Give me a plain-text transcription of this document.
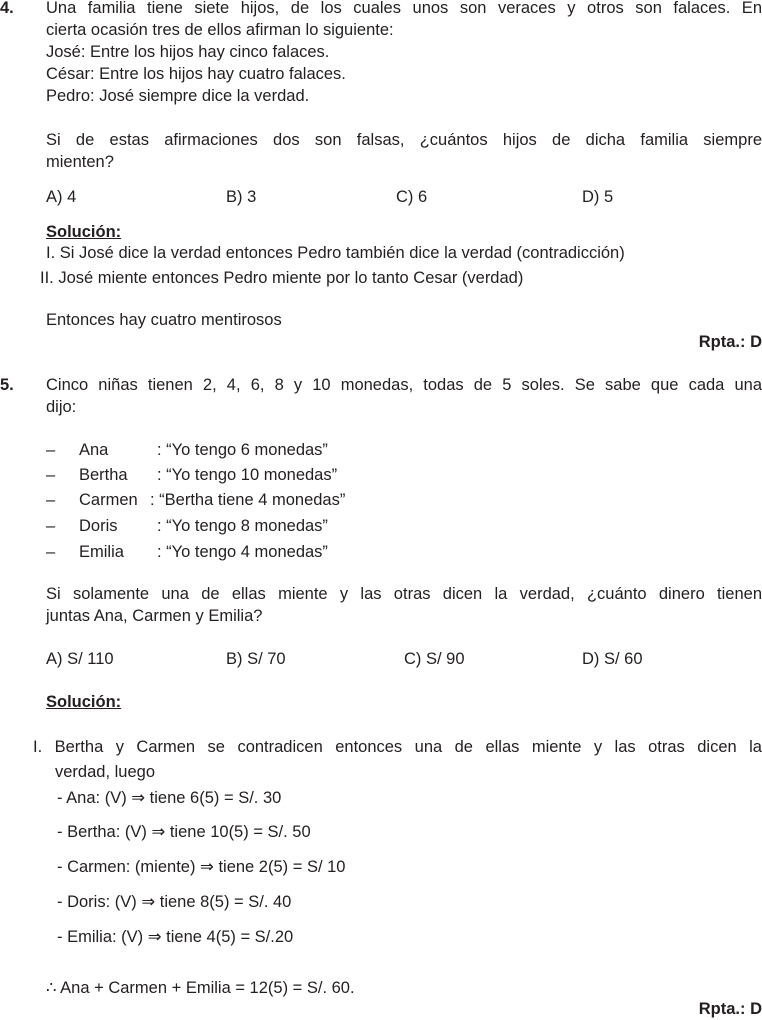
4. Una familia tiene siete hijos, de los cuales unos son veraces y otros son falaces. En
cierta ocasión tres de ellos afirman lo siguiente:
José: Entre los hijos hay cinco falaces.
César: Entre los hijos hay cuatro falaces.
Pedro: José siempre dice la verdad.
Si de estas afirmaciones dos son falsas, ¿cuántos hijos de dicha familia siempre
mienten?
A) 4	B) 3	C) 6	D) 5
Solución:
I. Si José dice la verdad entonces Pedro también dice la verdad (contradicción)
II. José miente entonces Pedro miente por lo tanto Cesar (verdad)
Entonces hay cuatro mentirosos
Rpta.: D
5. Cinco niñas tienen 2, 4, 6, 8 y 10 monedas, todas de 5 soles. Se sabe que cada una
dijo:
– Ana	: “Yo tengo 6 monedas”
– Bertha : “Yo tengo 10 monedas”
– Carmen : “Bertha tiene 4 monedas”
– Doris : “Yo tengo 8 monedas”
– Emilia : “Yo tengo 4 monedas”
Si solamente una de ellas miente y las otras dicen la verdad, ¿cuánto dinero tienen
juntas Ana, Carmen y Emilia?
A) S/ 110	B) S/ 70	C) S/ 90	D) S/ 60
Solución:
I. Bertha y Carmen se contradicen entonces una de ellas miente y las otras dicen la
verdad, luego
- Ana: (V) ⇒ tiene 6(5) = S/. 30
- Bertha: (V) ⇒ tiene 10(5) = S/. 50
- Carmen: (miente) ⇒ tiene 2(5) = S/ 10
- Doris: (V) ⇒ tiene 8(5) = S/. 40
- Emilia: (V) ⇒ tiene 4(5) = S/.20
∴ Ana + Carmen + Emilia = 12(5) = S/. 60.
Rpta.: D
